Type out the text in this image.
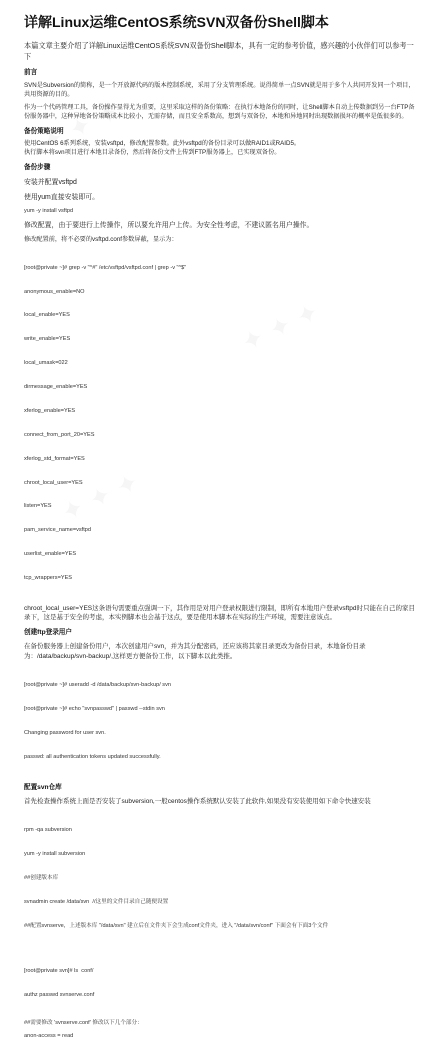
详解Linux运维CentOS系统SVN双备份Shell脚本

本篇文章主要介绍了详解Linux运维CentOS系统SVN双备份Shell脚本，具有一定的参考价值，感兴趣的小伙伴们可以参考一下

前言

SVN是Subversion的简称，是一个开放源代码的版本控制系统，采用了分支管理系统。说得简单一点SVN就是用于多个人共同开发同一个项目，共用资源的目的。

作为一个代码管理工具，备份操作显得尤为重要，这里采取这样的备份策略：在执行本地备份的同时，让Shell脚本自动上传数据到另一台FTP备份服务器中，这种异地备份策略成本比较小，无需存储，而且安全系数高，想到与双备份，本地和异地同时出现数据损坏的概率是低很多的。

备份策略说明

使用CentOS 6系列系统，安装vsftpd，修改配置参数。此外vsftpd的备份目录可以做RAID1或RAID5。

执行脚本将svn项目进行本地目录备份，然后将备份文件上传到FTP服务器上，已实现双备份。

备份步骤

安装并配置vsftpd

使用yum直接安装即可。

yum -y install vsftpd

修改配置，由于要进行上传操作，所以要允许用户上传。为安全性考虑，不建议匿名用户操作。

修改配置前，将不必要的vsftpd.conf参数屏蔽，显示为：

[root@private ~]# grep -v "^#" /etc/vsftpd/vsftpd.conf | grep -v "^$"

anonymous_enable=NO

local_enable=YES

write_enable=YES

local_umask=022

dirmessage_enable=YES

xferlog_enable=YES

connect_from_port_20=YES

xferlog_std_format=YES

chroot_local_user=YES

listen=YES

pam_service_name=vsftpd

userlist_enable=YES

tcp_wrappers=YES

chroot_local_user=YES这条语句需要重点强调一下，其作用是对用户登录权限进行限制，即所有本地用户登录vsftpd时只能在自己的家目录下，这是基于安全的考虑，本实例脚本也会基于这点，要是使用本脚本在实际的生产环境，需要注意该点。

创建ftp登录用户

在备份服务器上创建备份用户，本次创建用户svn，并为其分配密码，还应该将其家目录更改为备份目录，本地备份目录为：/data/backup/svn-backup/,这样更方便备份工作，以下脚本以此类推。

[root@private ~]# useradd -d /data/backup/svn-backup/ svn

[root@private ~]# echo "svnpasswd" | passwd --stdin svn

Changing password for user svn.

passwd: all authentication tokens updated successfully.

配置svn仓库

首先检查操作系统上面是否安装了subversion,一般centos操作系统默认安装了此软件,如果没有安装使用如下命令快速安装

rpm -qa subversion

yum -y install subversion

##创建版本库

svnadmin create /data/svn  //这里的文件目录自己随便设置

##配置svnserve，上述版本库 "/data/svn" 建立后在文件夹下会生成conf文件夹，进入 "/data/svn/conf" 下面会有下面3个文件

[root@private svn]# ls  conf/

authz passwd svnserve.conf

##需要修改 'svnserve.conf' 修改以下几个部分：
anon-access = read
